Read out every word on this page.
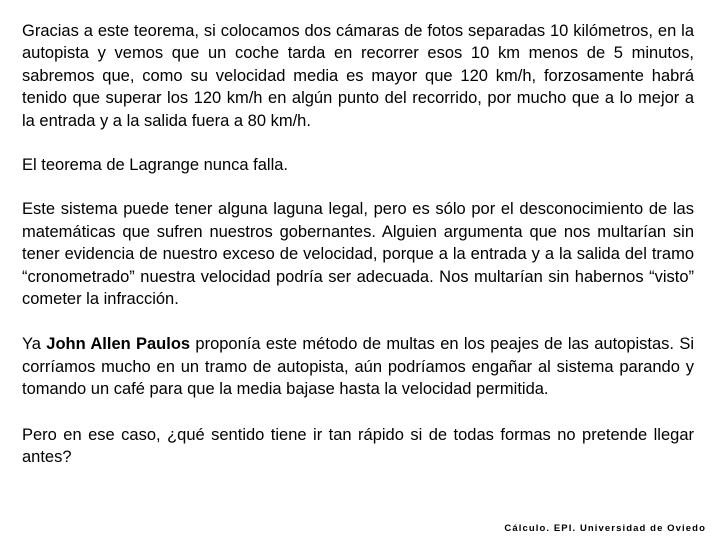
Gracias a este teorema, si colocamos dos cámaras de fotos separadas 10 kilómetros, en la autopista y vemos que un coche tarda en recorrer esos 10 km menos de 5 minutos, sabremos que, como su velocidad media es mayor que 120 km/h, forzosamente habrá tenido que superar los 120 km/h en algún punto del recorrido, por mucho que a lo mejor a la entrada y a la salida fuera a 80 km/h.

El teorema de Lagrange nunca falla.

Este sistema puede tener alguna laguna legal, pero es sólo por el desconocimiento de las matemáticas que sufren nuestros gobernantes. Alguien argumenta que nos multarían sin tener evidencia de nuestro exceso de velocidad, porque a la entrada y a la salida del tramo “cronometrado” nuestra velocidad podría ser adecuada. Nos multarían sin habernos “visto” cometer la infracción.

Ya John Allen Paulos proponía este método de multas en los peajes de las autopistas. Si corríamos mucho en un tramo de autopista, aún podríamos engañar al sistema parando y tomando un café para que la media bajase hasta la velocidad permitida.

Pero en ese caso, ¿qué sentido tiene ir tan rápido si de todas formas no pretende llegar antes?

Cálculo. EPI. Universidad de Oviedo
